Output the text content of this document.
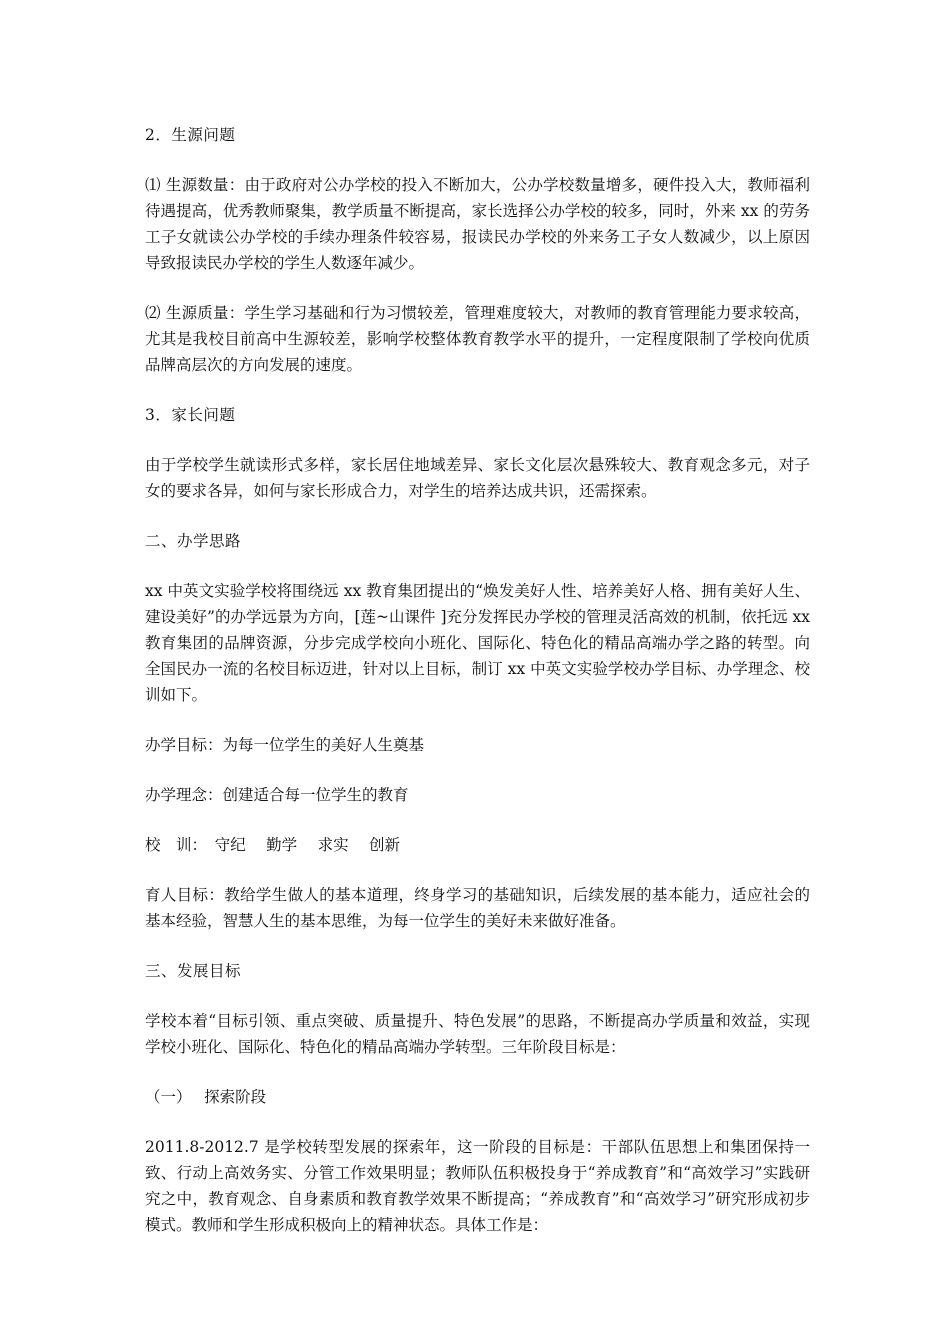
2．生源问题

⑴ 生源数量：由于政府对公办学校的投入不断加大，公办学校数量增多，硬件投入大，教师福利待遇提高，优秀教师聚集，教学质量不断提高，家长选择公办学校的较多，同时，外来 xx 的劳务工子女就读公办学校的手续办理条件较容易，报读民办学校的外来务工子女人数减少，以上原因导致报读民办学校的学生人数逐年减少。

⑵ 生源质量：学生学习基础和行为习惯较差，管理难度较大，对教师的教育管理能力要求较高，尤其是我校目前高中生源较差，影响学校整体教育教学水平的提升，一定程度限制了学校向优质品牌高层次的方向发展的速度。

3．家长问题

由于学校学生就读形式多样，家长居住地域差异、家长文化层次悬殊较大、教育观念多元，对子女的要求各异，如何与家长形成合力，对学生的培养达成共识，还需探索。

二、办学思路

xx 中英文实验学校将围绕远 xx 教育集团提出的“焕发美好人性、培养美好人格、拥有美好人生、建设美好”的办学远景为方向，[莲~山课件 ]充分发挥民办学校的管理灵活高效的机制，依托远 xx 教育集团的品牌资源，分步完成学校向小班化、国际化、特色化的精品高端办学之路的转型。向全国民办一流的名校目标迈进，针对以上目标，制订 xx 中英文实验学校办学目标、办学理念、校训如下。

办学目标：为每一位学生的美好人生奠基

办学理念：创建适合每一位学生的教育

校　训：　守纪　 勤学　 求实　 创新

育人目标：教给学生做人的基本道理，终身学习的基础知识，后续发展的基本能力，适应社会的基本经验，智慧人生的基本思维，为每一位学生的美好未来做好准备。

三、发展目标

学校本着“目标引领、重点突破、质量提升、特色发展”的思路，不断提高办学质量和效益，实现学校小班化、国际化、特色化的精品高端办学转型。三年阶段目标是：

（一）　 探索阶段

2011.8-2012.7 是学校转型发展的探索年，这一阶段的目标是：干部队伍思想上和集团保持一致、行动上高效务实、分管工作效果明显；教师队伍积极投身于“养成教育”和“高效学习”实践研究之中，教育观念、自身素质和教育教学效果不断提高；“养成教育”和“高效学习”研究形成初步模式。教师和学生形成积极向上的精神状态。具体工作是：
